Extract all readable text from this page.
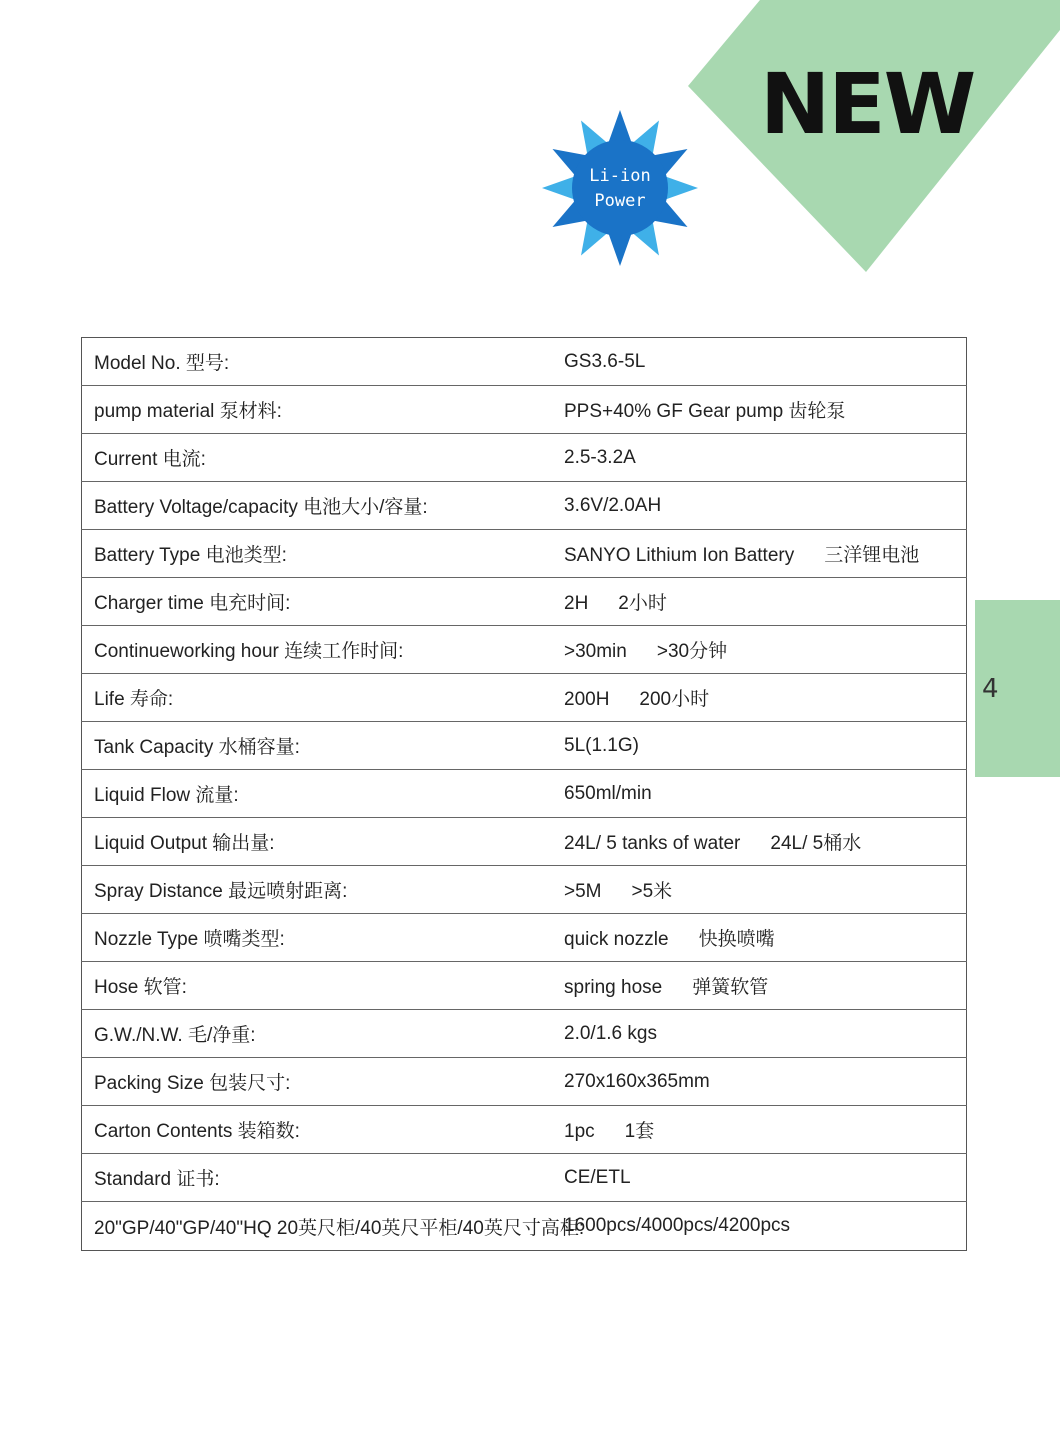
NEW
Li-ion
Power
Model No. 型号:	GS3.6-5L
pump material 泵材料:	PPS+40% GF Gear pump 齿轮泵
Current 电流:	2.5-3.2A
Battery Voltage/capacity 电池大小/容量:	3.6V/2.0AH
Battery Type 电池类型:	SANYO Lithium Ion Battery 三洋锂电池
Charger time 电充时间:	2H 2小时
Continueworking hour 连续工作时间:	>30min >30分钟
Life 寿命:	200H 200小时
Tank Capacity 水桶容量:	5L(1.1G)
Liquid Flow 流量:	650ml/min
Liquid Output 输出量:	24L/ 5 tanks of water 24L/ 5桶水
Spray Distance 最远喷射距离:	>5M >5米
Nozzle Type 喷嘴类型:	quick nozzle 快换喷嘴
Hose 软管:	spring hose 弹簧软管
G.W./N.W. 毛/净重:	2.0/1.6 kgs
Packing Size 包装尺寸:	270x160x365mm
Carton Contents 装箱数:	1pc 1套
Standard 证书:	CE/ETL
20"GP/40"GP/40"HQ 20英尺柜/40英尺平柜/40英尺寸高柜:	1600pcs/4000pcs/4200pcs
4
